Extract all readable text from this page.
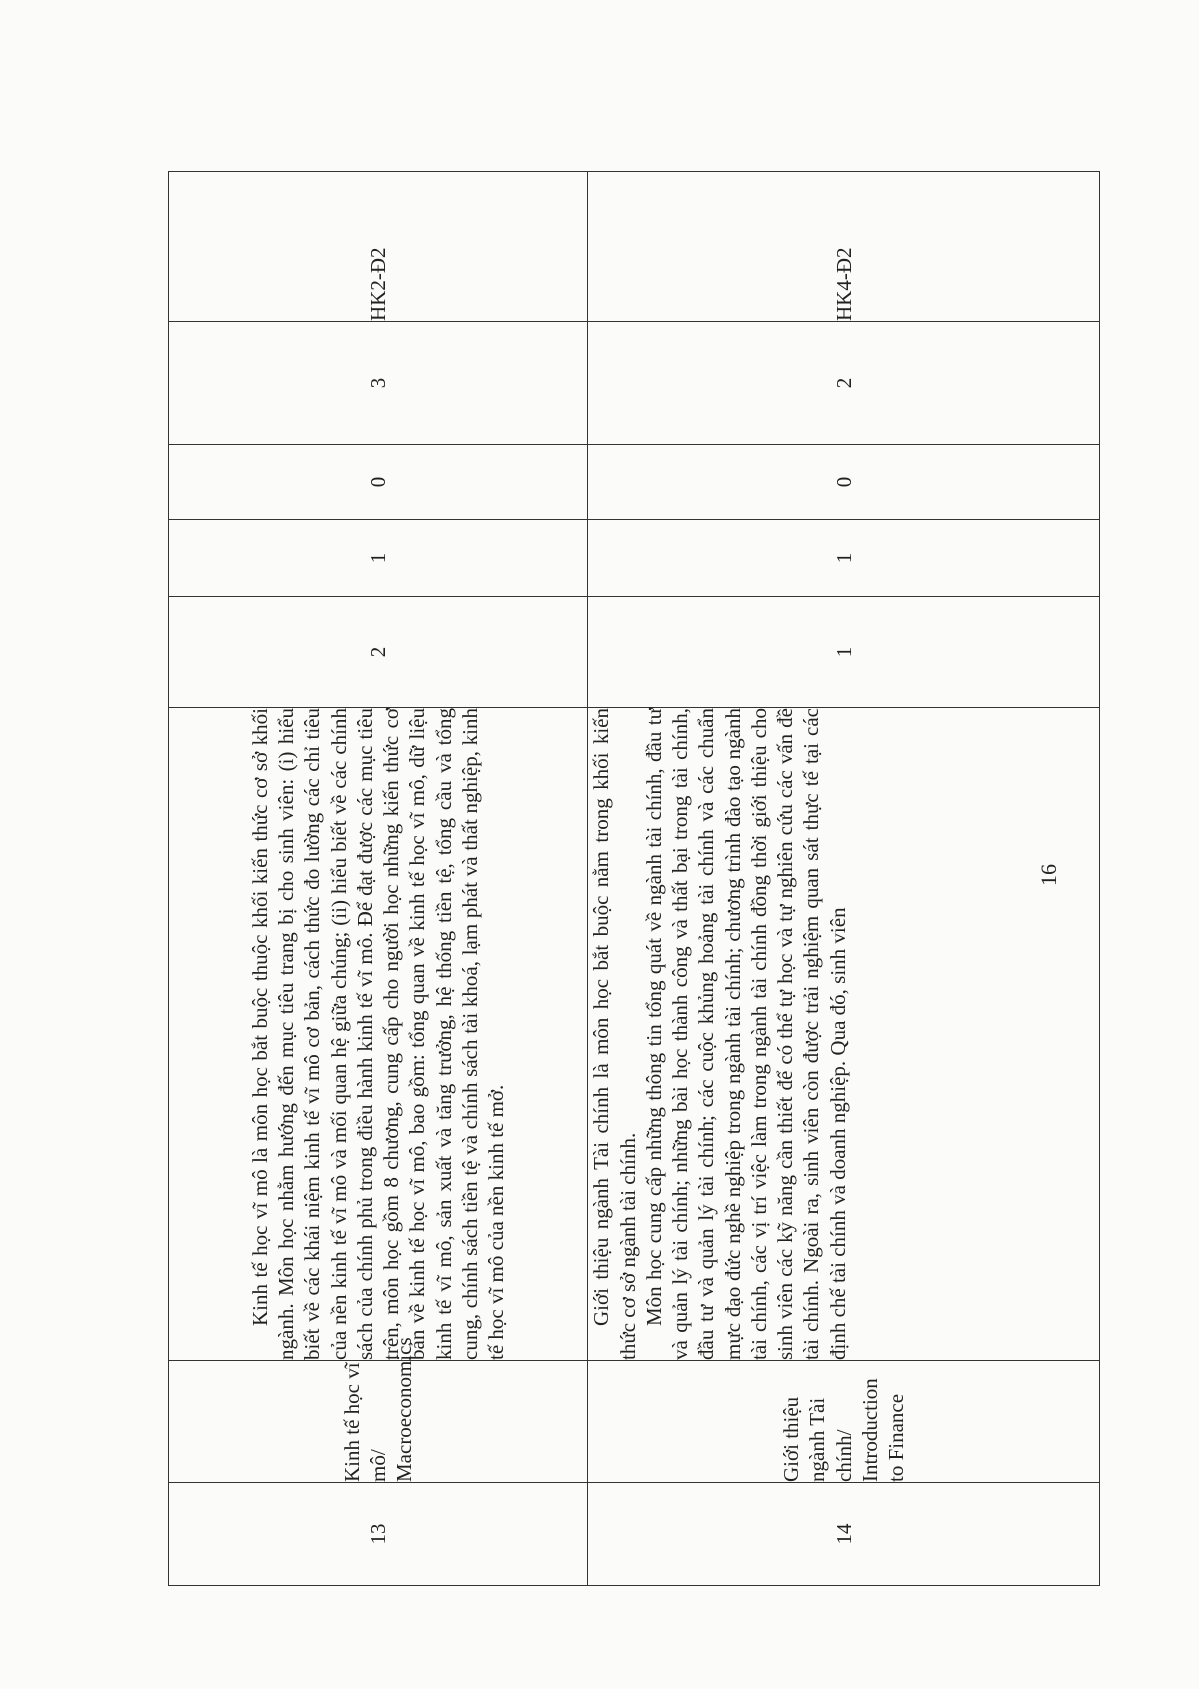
13	Kinh tế học vĩ mô/ Macroeconomics	Kinh tế học vĩ mô là môn học bắt buộc thuộc khối kiến thức cơ sở khối ngành. Môn học nhằm hướng đến mục tiêu trang bị cho sinh viên: (i) hiểu biết về các khái niệm kinh tế vĩ mô cơ bản, cách thức đo lường các chỉ tiêu của nền kinh tế vĩ mô và mối quan hệ giữa chúng; (ii) hiểu biết về các chính sách của chính phủ trong điều hành kinh tế vĩ mô. Để đạt được các mục tiêu trên, môn học gồm 8 chương, cung cấp cho người học những kiến thức cơ bản về kinh tế học vĩ mô, bao gồm: tổng quan về kinh tế học vĩ mô, dữ liệu kinh tế vĩ mô, sản xuất và tăng trưởng, hệ thống tiền tệ, tổng cầu và tổng cung, chính sách tiền tệ và chính sách tài khoá, lạm phát và thất nghiệp, kinh tế học vĩ mô của nền kinh tế mở.	2	1	0	3	HK2-Đ2
14	Giới thiệu ngành Tài chính/ Introduction to Finance	Giới thiệu ngành Tài chính là môn học bắt buộc nằm trong khối kiến thức cơ sở ngành tài chính. Môn học cung cấp những thông tin tổng quát về ngành tài chính, đầu tư và quản lý tài chính; những bài học thành công và thất bại trong tài chính, đầu tư và quản lý tài chính; các cuộc khủng hoảng tài chính và các chuẩn mực đạo đức nghề nghiệp trong ngành tài chính; chương trình đào tạo ngành tài chính, các vị trí việc làm trong ngành tài chính đồng thời giới thiệu cho sinh viên các kỹ năng cần thiết để có thể tự học và tự nghiên cứu các vấn đề tài chính. Ngoài ra, sinh viên còn được trải nghiệm quan sát thực tế tại các định chế tài chính và doanh nghiệp. Qua đó, sinh viên	1	1	0	2	HK4-Đ2
16
